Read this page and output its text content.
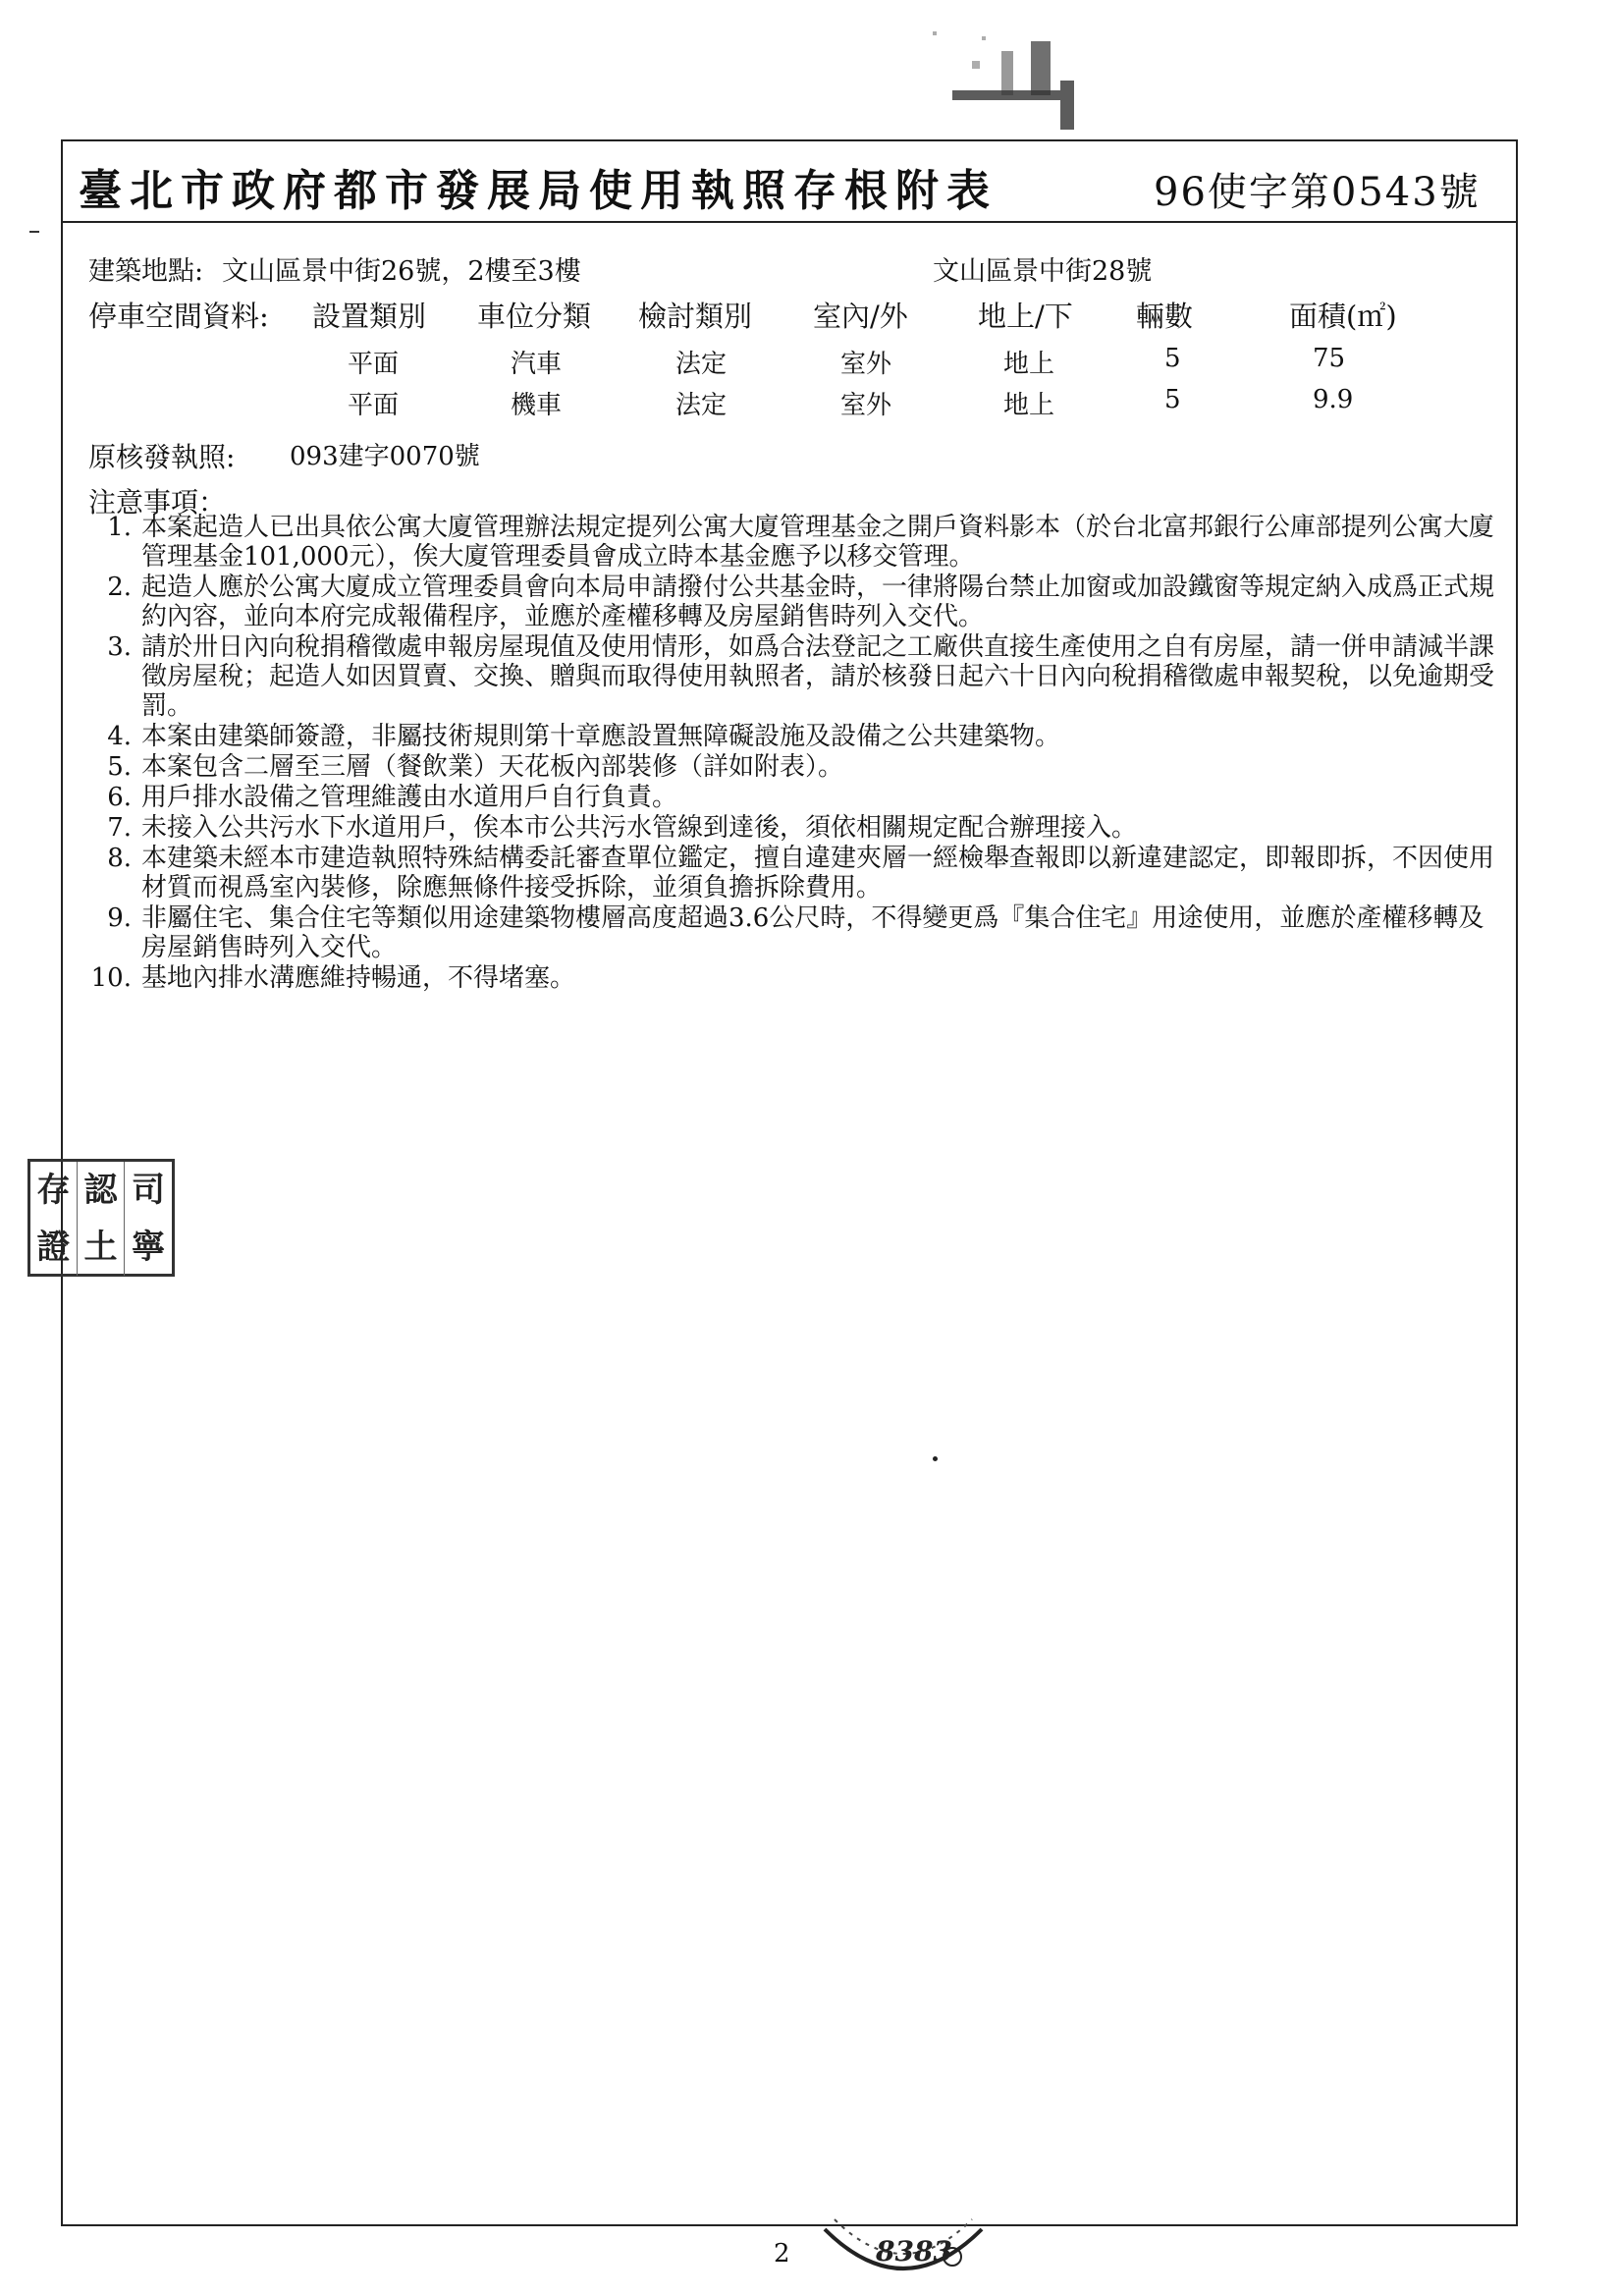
臺北市政府都市發展局使用執照存根附表	96使字第0543號
建築地點: 文山區景中街26號，2樓至3樓	文山區景中街28號
停車空間資料: 設置類別 車位分類 檢討類別 室內/外 地上/下 輛數	面積(㎡)
平面	汽車	法定	室外	地上	5	75
平面	機車	法定	室外	地上	5	9.9
原核發執照: 093建字0070號
注意事項：
1. 本案起造人已出具依公寓大廈管理辦法規定提列公寓大廈管理基金之開戶資料影本（於台北富邦銀行公庫部提列公寓大廈管理基金101,000元），俟大廈管理委員會成立時本基金應予以移交管理。
2. 起造人應於公寓大廈成立管理委員會向本局申請撥付公共基金時，一律將陽台禁止加窗或加設鐵窗等規定納入成爲正式規約內容，並向本府完成報備程序，並應於產權移轉及房屋銷售時列入交代。
3. 請於卅日內向稅捐稽徵處申報房屋現值及使用情形，如爲合法登記之工廠供直接生產使用之自有房屋，請一併申請減半課徵房屋稅；起造人如因買賣、交換、贈與而取得使用執照者，請於核發日起六十日內向稅捐稽徵處申報契稅，以免逾期受罰。
4. 本案由建築師簽證，非屬技術規則第十章應設置無障礙設施及設備之公共建築物。
5. 本案包含二層至三層（餐飲業）天花板內部裝修（詳如附表）。
6. 用戶排水設備之管理維護由水道用戶自行負責。
7. 未接入公共污水下水道用戶，俟本市公共污水管線到達後，須依相關規定配合辦理接入。
8. 本建築未經本市建造執照特殊結構委託審查單位鑑定，擅自違建夾層一經檢舉查報即以新違建認定，即報即拆，不因使用材質而視爲室內裝修，除應無條件接受拆除，並須負擔拆除費用。
9. 非屬住宅、集合住宅等類似用途建築物樓層高度超過3.6公尺時，不得變更爲『集合住宅』用途使用，並應於產權移轉及房屋銷售時列入交代。
10. 基地內排水溝應維持暢通，不得堵塞。
存 認 司
證 土 寧
8383
2
